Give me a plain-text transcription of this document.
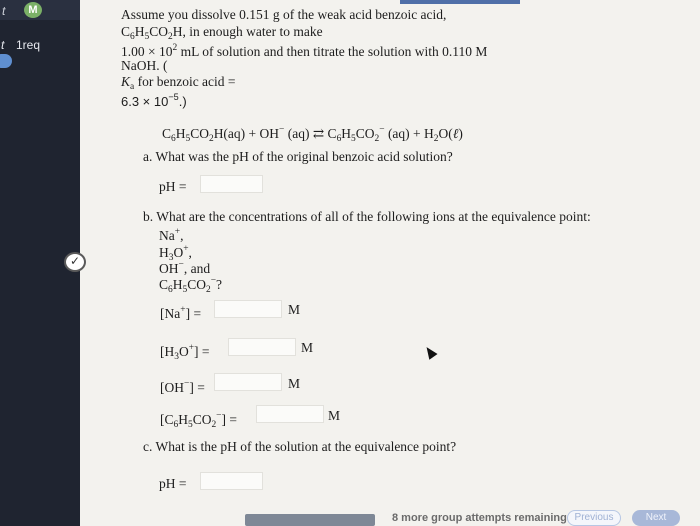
t	M
t 1req
✓
Assume you dissolve 0.151 g of the weak acid benzoic acid,
$C_6H_5CO_2H$, in enough water to make
$1.00 \times 10^2$ mL of solution and then titrate the solution with 0.110 M
NaOH. (
$K_a$ for benzoic acid =
$6.3 \times 10^{-5}$.)
$C_6H_5CO_2H(aq) + OH^-$ (aq) ⇄ $C_6H_5CO_2^-$ $(aq) + H_2O(\ell)$
a. What was the pH of the original benzoic acid solution?
pH =
b. What are the concentrations of all of the following ions at the equivalence point:
Na+,
$H_3O^+$,
OH−, and
$C_6H_5CO_2^-$?
[Na+] =	M
$[H_3O^+]$ =	M
[OH−] =	M
$[C_6H_5CO_2^-]$ =	M
c. What is the pH of the solution at the equivalence point?
pH =
8 more group attempts remaining Previous	Next
